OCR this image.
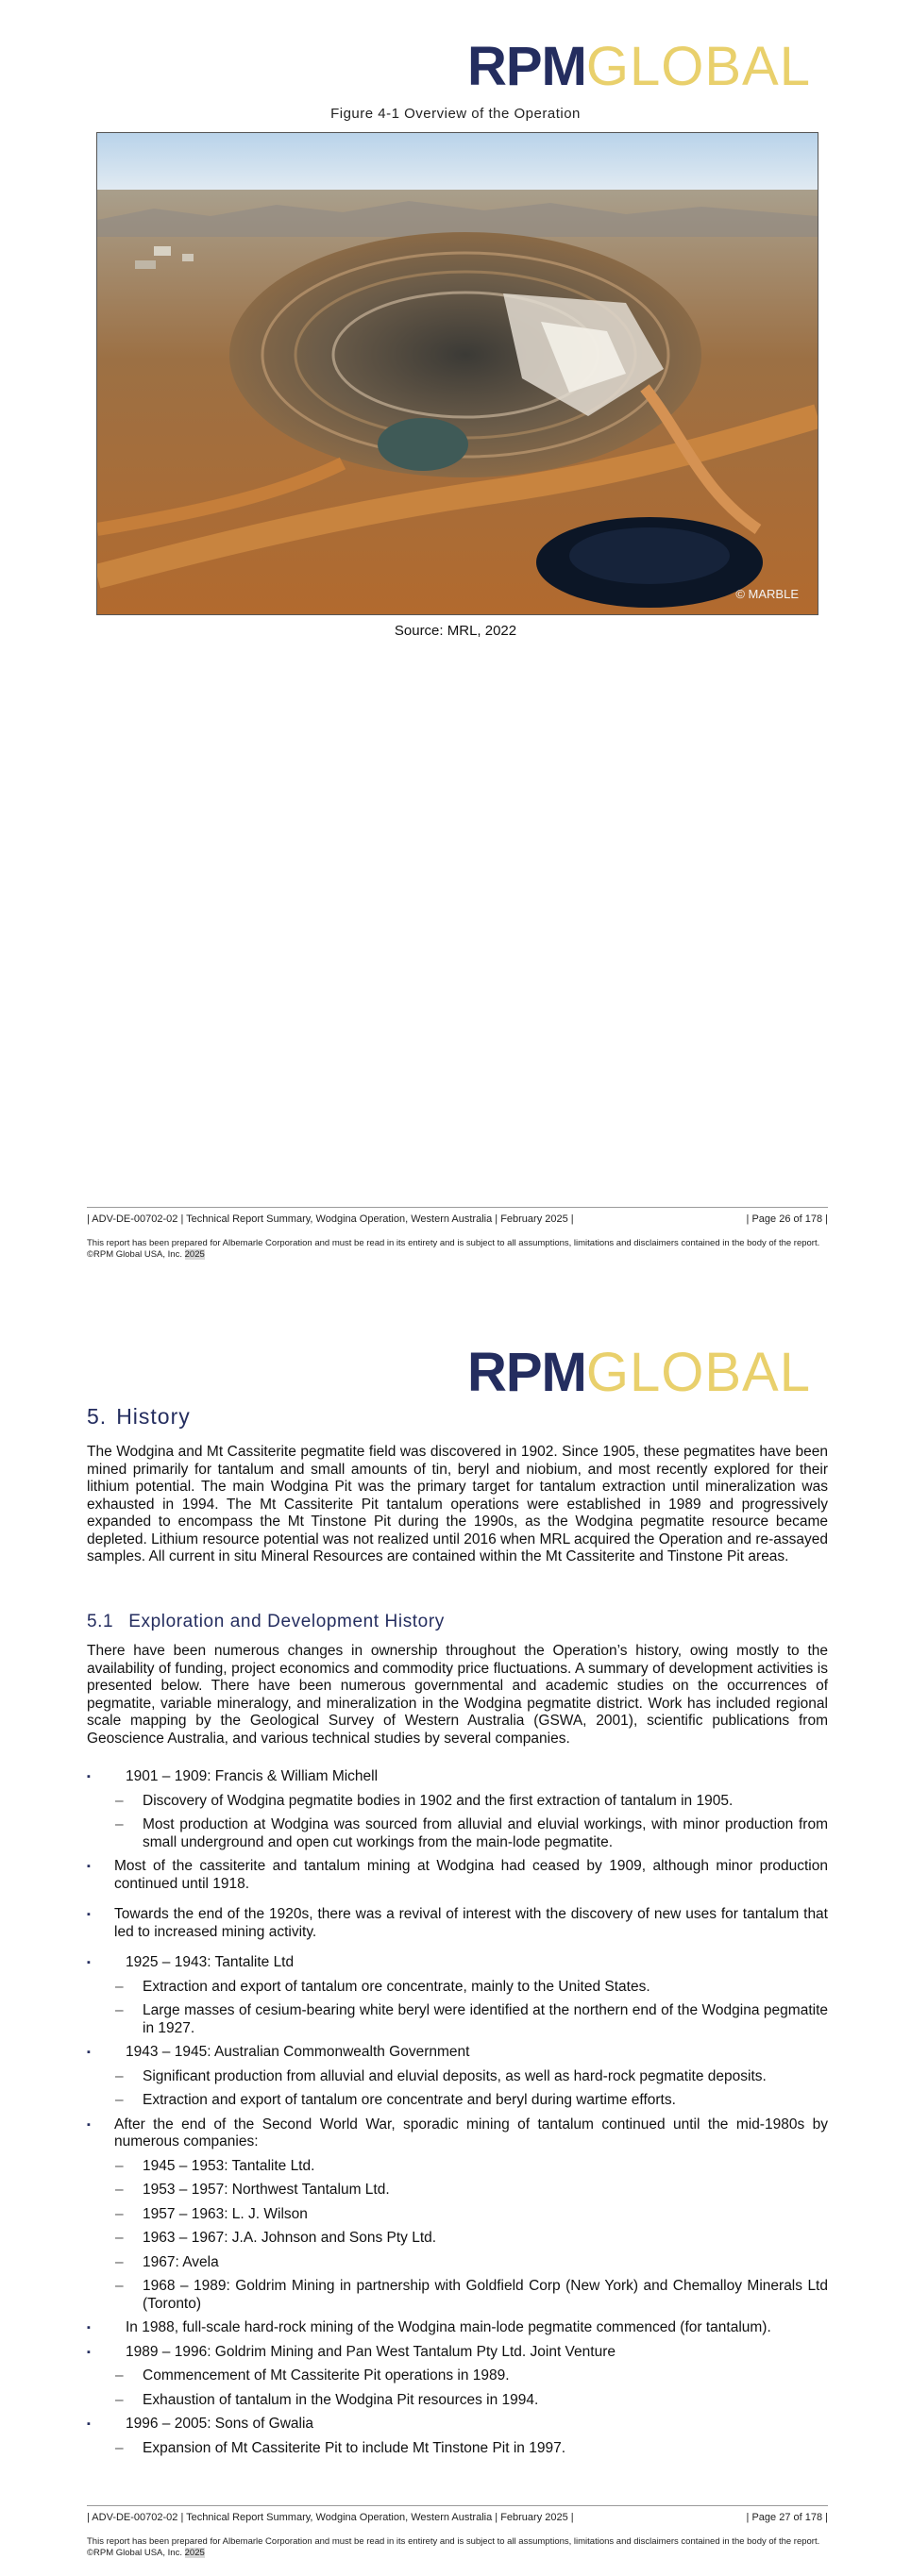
RPMGLOBAL
Figure 4-1 Overview of the Operation
© MARBLE
Source: MRL, 2022
| ADV-DE-00702-02 | Technical Report Summary, Wodgina Operation, Western Australia | February 2025 |	| Page 26 of 178 |
This report has been prepared for Albemarle Corporation and must be read in its entirety and is subject to all assumptions, limitations and disclaimers contained in the body of the report. ©RPM Global USA, Inc. 2025
RPMGLOBAL
5. History
The Wodgina and Mt Cassiterite pegmatite field was discovered in 1902. Since 1905, these pegmatites have been mined primarily for tantalum and small amounts of tin, beryl and niobium, and most recently explored for their lithium potential. The main Wodgina Pit was the primary target for tantalum extraction until mineralization was exhausted in 1994. The Mt Cassiterite Pit tantalum operations were established in 1989 and progressively expanded to encompass the Mt Tinstone Pit during the 1990s, as the Wodgina pegmatite resource became depleted. Lithium resource potential was not realized until 2016 when MRL acquired the Operation and re-assayed samples. All current in situ Mineral Resources are contained within the Mt Cassiterite and Tinstone Pit areas.
5.1 Exploration and Development History
There have been numerous changes in ownership throughout the Operation’s history, owing mostly to the availability of funding, project economics and commodity price fluctuations. A summary of development activities is presented below. There have been numerous governmental and academic studies on the occurrences of pegmatite, variable mineralogy, and mineralization in the Wodgina pegmatite district. Work has included regional scale mapping by the Geological Survey of Western Australia (GSWA, 2001), scientific publications from Geoscience Australia, and various technical studies by several companies.
▪ 1901 – 1909: Francis & William Michell
– Discovery of Wodgina pegmatite bodies in 1902 and the first extraction of tantalum in 1905.
– Most production at Wodgina was sourced from alluvial and eluvial workings, with minor production from small underground and open cut workings from the main-lode pegmatite.
▪ Most of the cassiterite and tantalum mining at Wodgina had ceased by 1909, although minor production continued until 1918.
▪ Towards the end of the 1920s, there was a revival of interest with the discovery of new uses for tantalum that led to increased mining activity.
▪ 1925 – 1943: Tantalite Ltd
– Extraction and export of tantalum ore concentrate, mainly to the United States.
– Large masses of cesium-bearing white beryl were identified at the northern end of the Wodgina pegmatite in 1927.
▪ 1943 – 1945: Australian Commonwealth Government
– Significant production from alluvial and eluvial deposits, as well as hard-rock pegmatite deposits.
– Extraction and export of tantalum ore concentrate and beryl during wartime efforts.
▪ After the end of the Second World War, sporadic mining of tantalum continued until the mid-1980s by numerous companies:
– 1945 – 1953: Tantalite Ltd.
– 1953 – 1957: Northwest Tantalum Ltd.
– 1957 – 1963: L. J. Wilson
– 1963 – 1967: J.A. Johnson and Sons Pty Ltd.
– 1967: Avela
– 1968 – 1989: Goldrim Mining in partnership with Goldfield Corp (New York) and Chemalloy Minerals Ltd (Toronto)
▪ In 1988, full-scale hard-rock mining of the Wodgina main-lode pegmatite commenced (for tantalum).
▪ 1989 – 1996: Goldrim Mining and Pan West Tantalum Pty Ltd. Joint Venture
– Commencement of Mt Cassiterite Pit operations in 1989.
– Exhaustion of tantalum in the Wodgina Pit resources in 1994.
▪ 1996 – 2005: Sons of Gwalia
– Expansion of Mt Cassiterite Pit to include Mt Tinstone Pit in 1997.
| ADV-DE-00702-02 | Technical Report Summary, Wodgina Operation, Western Australia | February 2025 |	| Page 27 of 178 |
This report has been prepared for Albemarle Corporation and must be read in its entirety and is subject to all assumptions, limitations and disclaimers contained in the body of the report. ©RPM Global USA, Inc. 2025
